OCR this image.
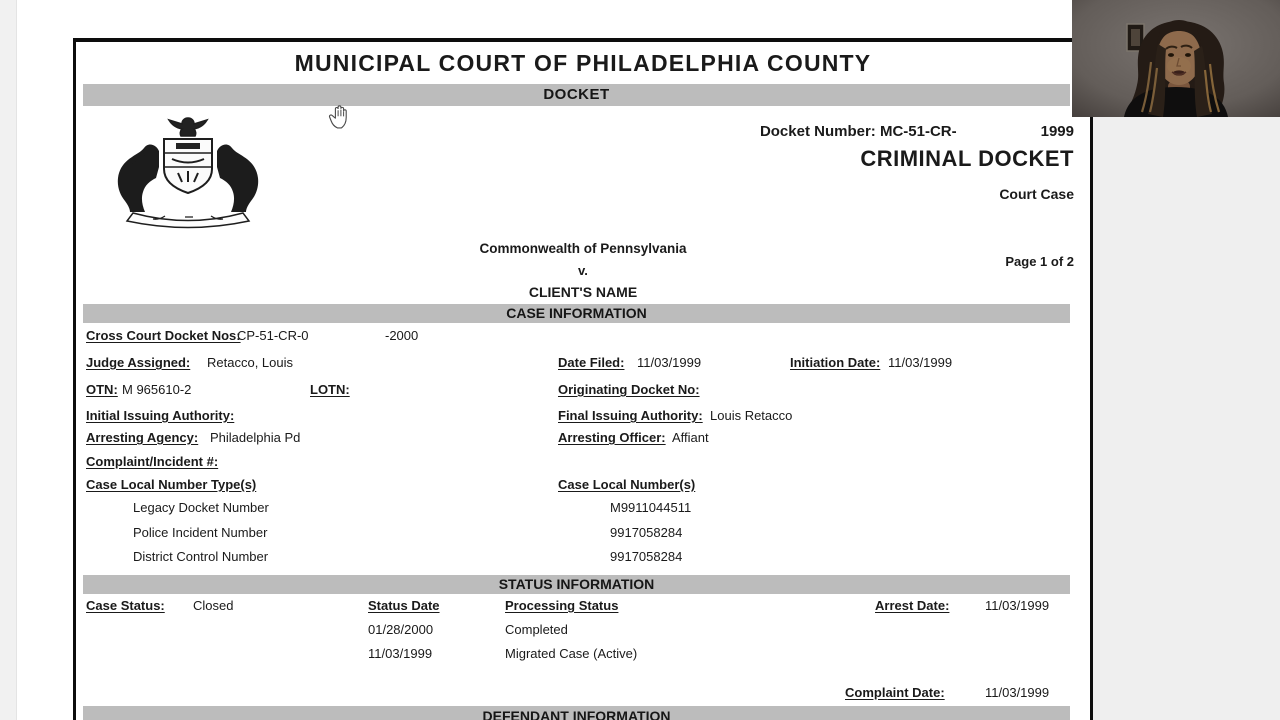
MUNICIPAL COURT OF PHILADELPHIA COUNTY
DOCKET
Docket Number: MC-51-CR-	1999
CRIMINAL DOCKET
Court Case
Page 1 of 2
Commonwealth of Pennsylvania
v.
CLIENT'S NAME
CASE INFORMATION
Cross Court Docket Nos:
CP-51-CR-0	-2000
Judge Assigned: Retacco, Louis	Date Filed: 11/03/1999	Initiation Date: 11/03/1999
OTN: M 965610-2	LOTN:	Originating Docket No:
Initial Issuing Authority:	Final Issuing Authority: Louis Retacco
Arresting Agency: Philadelphia Pd	Arresting Officer: Affiant
Complaint/Incident #:
Case Local Number Type(s)	Case Local Number(s)
Legacy Docket Number	M9911044511
Police Incident Number	9917058284
District Control Number	9917058284
STATUS INFORMATION
Case Status: Closed	Status Date	Processing Status	Arrest Date:	11/03/1999
01/28/2000	Completed
11/03/1999	Migrated Case (Active)
Complaint Date:	11/03/1999
DEFENDANT INFORMATION
